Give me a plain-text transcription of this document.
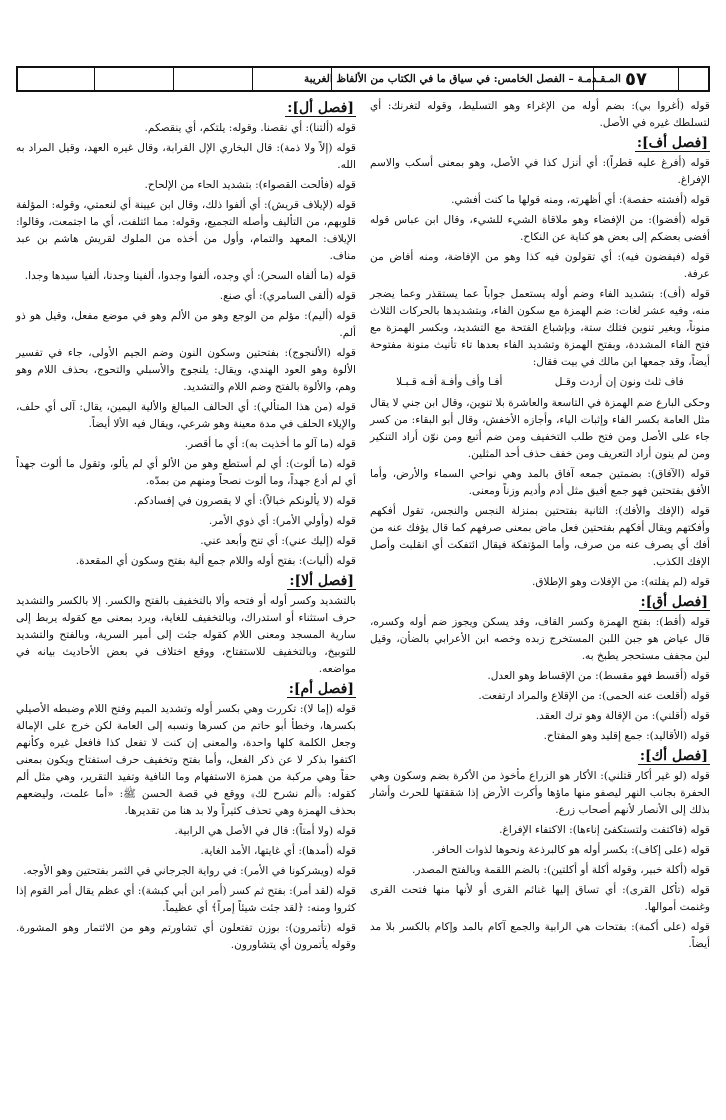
٥٧
المـقـدمـة – الفصل الخامس: في سياق ما في الكتاب من الألفاظ الغريبة

قوله (أغروا بي): بضم أوله من الإغراء وهو التسليط، وقوله لتغرنك: أي لتسلطك غيره في الأصل.

[فصل أف]:

قوله (أفرغ عليه قطراً): أي أنزل كذا في الأصل، وهو بمعنى أسكب والاسم الإفراغ.

قوله (أفشته حفصة): أي أظهرته، ومنه قولها ما كنت أفشي.

قوله (أفضوا): من الإفضاء وهو ملاقاة الشيء للشيء، وقال ابن عباس قوله أفضى بعضكم إلى بعض هو كناية عن النكاح.

قوله (فيفضون فيه): أي تقولون فيه كذا وهو من الإفاضة، ومنه أفاض من عرفة.

قوله (أف): بتشديد الفاء وضم أوله يستعمل جواباً عما يستقذر وعما يضجر منه، وفيه عشر لغات: ضم الهمزة مع سكون الفاء، وبتشديدها بالحركات الثلاث منوناً، وبغير تنوين فتلك ستة، وبإشباع الفتحة مع التشديد، وبكسر الهمزة مع فتح الفاء المشددة، وبفتح الهمزة وتشديد الفاء بعدها تاء تأنيث منونة مفتوحة أيضاً، وقد جمعها ابن مالك في بيت فقال:

فاف ثلث ونون إن أردت وقـل
أفـا وأف وأفـة أفـه قـبـلا

وحكى البارع ضم الهمزة في التاسعة والعاشرة بلا تنوين، وقال ابن جني لا يقال مثل العامة بكسر الفاء وإثبات الياء، وأجازه الأخفش، وقال أبو البقاء: من كسر جاء على الأصل ومن فتح طلب التخفيف ومن ضم أتبع ومن نوّن أراد التنكير ومن لم ينون أراد التعريف ومن خفف حذف أحد المثلين.

قوله (الآفاق): بضمتين جمعه آفاق بالمد وهي نواحي السماء والأرض، وأما الأفق بفتحتين فهو جمع أفيق مثل أدم وأديم وزناً ومعنى.

قوله (الإفك والأفك): الثانية بفتحتين بمنزلة النجس والنجس، تقول أفكهم وأفكتهم ويقال أفكهم بفتحتين فعل ماض بمعنى صرفهم كما قال يؤفك عنه من أفك أي يصرف عنه من صرف، وأما المؤتفكة فيقال ائتفكت أي انقلبت وأصل الإفك الكذب.

قوله (لم يفلته): من الإفلات وهو الإطلاق.

[فصل أق]:

قوله (أقط): بفتح الهمزة وكسر القاف، وقد يسكن ويجوز ضم أوله وكسره، قال عياض هو جبن اللبن المستخرج زبده وخصه ابن الأعرابي بالضأن، وقيل لبن مجفف مستحجر يطبخ به.

قوله (أقسط فهو مقسط): من الإقساط وهو العدل.

قوله (أقلعت عنه الحمى): من الإقلاع والمراد ارتفعت.

قوله (أقلني): من الإقالة وهو ترك العقد.

قوله (الأقاليد): جمع إقليد وهو المفتاح.

[فصل أك]:

قوله (لو غير أكار قتلني): الأكار هو الزراع مأخوذ من الأكرة بضم وسكون وهي الحفرة بجانب النهر ليصفو منها ماؤها وأكرت الأرض إذا شققتها للحرث وأشار بذلك إلى الأنصار لأنهم أصحاب زرع.

قوله (فاكتفت ولتستكفئ إناءها): الاكتفاء الإفراغ.

قوله (على إكاف): بكسر أوله هو كالبرذعة ونحوها لذوات الحافر.

قوله (أكلة خبير، وقوله أكلة أو أكلتين): بالضم اللقمة وبالفتح المصدر.

قوله (تأكل القرى): أي تساق إليها غنائم القرى أو لأنها منها فتحت القرى وغنمت أموالها.

قوله (على أكمة): بفتحات هي الرابية والجمع آكام بالمد وإكام بالكسر بلا مد أيضاً.

[فصل أل]:

قوله (ألتنا): أي نقصنا. وقوله: يلتكم، أي ينقصكم.

قوله (إلاً ولا ذمة): قال البخاري الإل القرابة، وقال غيره العهد، وقيل المراد به الله.

قوله (فألحت القصواء): بتشديد الحاء من الإلحاح.

قوله (لإيلاف قريش): أي ألفوا ذلك، وقال ابن عيينة أي لنعمتي، وقوله: المؤلفة قلوبهم، من التأليف وأصله التجميع، وقوله: مما ائتلفت، أي ما اجتمعت، وقالوا: الإيلاف: المعهد والتمام، وأول من أخذه من الملوك لقريش هاشم بن عبد مناف.

قوله (ما ألفاه السحر): أي وجده، ألفوا وجدوا، ألفينا وجدنا، ألفيا سيدها وجدا.

قوله (ألقى السامري): أي صنع.

قوله (أليم): مؤلم من الوجع وهو من الألم وهو في موضع مفعل، وقيل هو ذو ألم.

قوله (الألنجوج): بفتحتين وسكون النون وضم الجيم الأولى، جاء في تفسير الألوة وهو العود الهندي، ويقال: يلنجوج والأسبلي والتحوج، بحذف اللام وهو وهم، والألوة بالفتح وضم اللام والتشديد.

قوله (من هذا المتألي): أي الحالف المبالغ والألية اليمين، يقال: آلى أي حلف، والإيلاء الحلف في مدة معينة وهو شرعي، ويقال فيه الألا أيضاً.

قوله (ما آلو ما أخذيت به): أي ما أقصر.

قوله (ما ألوت): أي لم أستطع وهو من الألو أي لم يألو، وتقول ما ألوت جهداً أي لم أدع جهداً، وما ألوت نصحاً ومنهم من بمدّه.

قوله (لا يألونكم خبالاً): أي لا يقصرون في إفسادكم.

قوله (وأولي الأمر): أي ذوي الأمر.

قوله (إليك عني): أي تنح وأبعد عني.

قوله (أليات): بفتح أوله واللام جمع ألية بفتح وسكون أي المقعدة.

[فصل ألا]:

بالتشديد وكسر أوله أو فتحه وألا بالتخفيف بالفتح والكسر. إلا بالكسر والتشديد حرف استثناء أو استدراك، وبالتخفيف للغاية، ويرد بمعنى مع كقوله يربط إلى سارية المسجد ومعنى اللام كقوله جئت إلى أمير السرية، وبالفتح والتشديد للتوبيخ، وبالتخفيف للاستفتاح، ووقع اختلاف في بعض الأحاديث بيانه في مواضعه.

[فصل أم]:

قوله (إما لا): تكررت وهي بكسر أوله وتشديد الميم وفتح اللام وضبطه الأصيلي بكسرها، وخطأ أبو حاتم من كسرها ونسبه إلى العامة لكن خرج على الإمالة وجعل الكلمة كلها واحدة، والمعنى إن كنت لا تفعل كذا فافعل غيره وكأنهم اكتفوا بذكر لا عن ذكر الفعل، وأما بفتح وتخفيف حرف استفتاح ويكون بمعنى حقاً وهي مركبة من همزة الاستفهام وما النافية وتفيد التقرير، وهي مثل ألم كقوله: ﴿ألم نشرح لك﴾ ووقع في قصة الحسن ﷺ: «أما علمت، وليضعهم بحذف الهمزة وهي تحذف كثيراً ولا بد هنا من تقديرها.

قوله (ولا أمتاً): قال في الأصل هي الرابية.

قوله (أمدها): أي غايتها، الأمد الغاية.

قوله (ويشركونا في الأمر): في رواية الجرجاني في الثمر بفتحتين وهو الأوجه.

قوله (لقد أمر): بفتح ثم كسر (أمر ابن أبي كبشة): أي عظم يقال أمر القوم إذا كثروا ومنه: ﴿لقد جئت شيئاً إمراً﴾ أي عظيماً.

قوله (تأتمرون): بوزن تفتعلون أي تشاورتم وهو من الائتمار وهو المشورة. وقوله يأتمرون أي يتشاورون.
